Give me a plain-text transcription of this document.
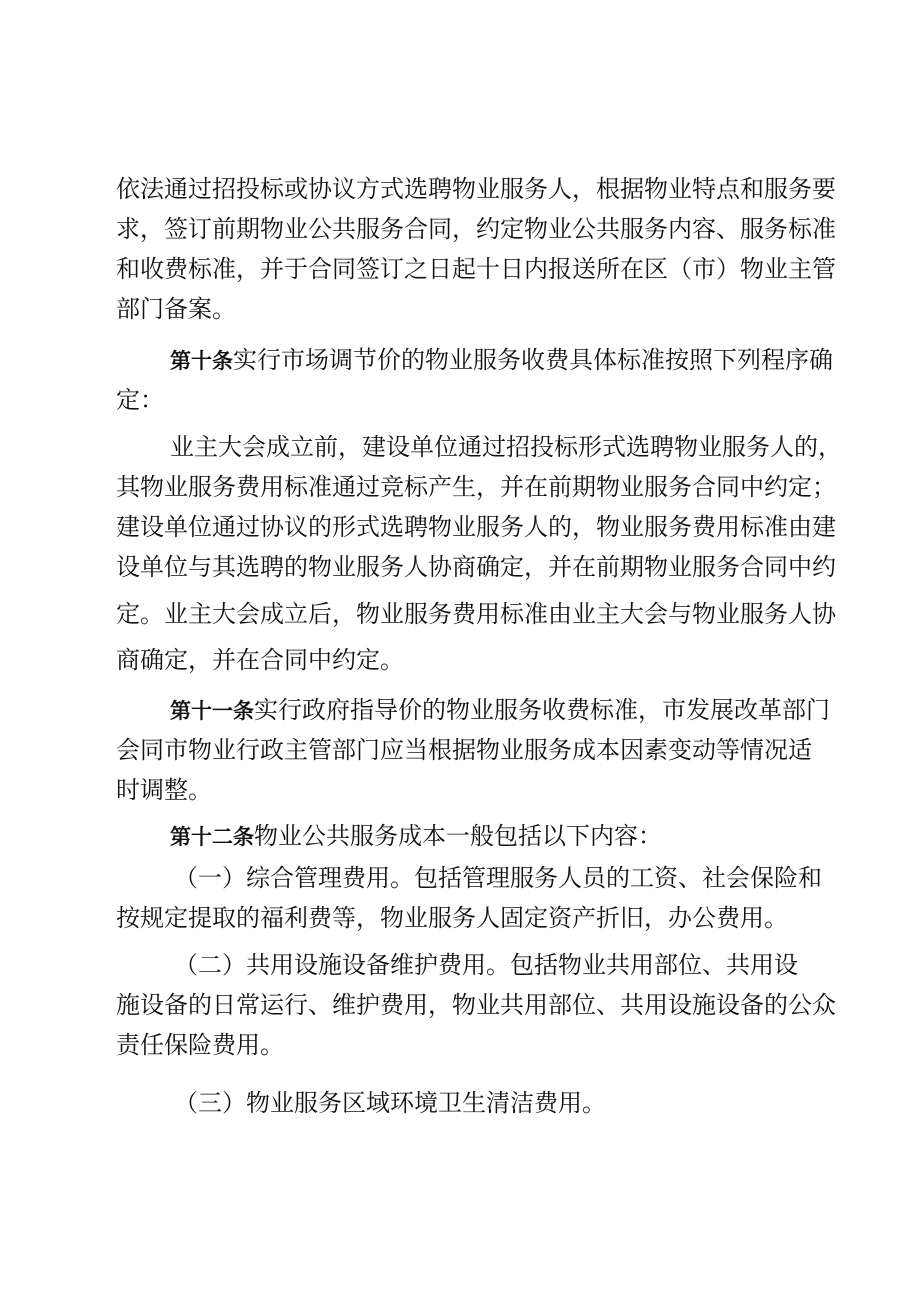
依法通过招投标或协议方式选聘物业服务人，根据物业特点和服务要
求，签订前期物业公共服务合同，约定物业公共服务内容、服务标准
和收费标准，并于合同签订之日起十日内报送所在区（市）物业主管
部门备案。
第十条实行市场调节价的物业服务收费具体标准按照下列程序确
定：
业主大会成立前，建设单位通过招投标形式选聘物业服务人的，
其物业服务费用标准通过竞标产生，并在前期物业服务合同中约定；
建设单位通过协议的形式选聘物业服务人的，物业服务费用标准由建
设单位与其选聘的物业服务人协商确定，并在前期物业服务合同中约
定。业主大会成立后，物业服务费用标准由业主大会与物业服务人协
商确定，并在合同中约定。
第十一条实行政府指导价的物业服务收费标准，市发展改革部门
会同市物业行政主管部门应当根据物业服务成本因素变动等情况适
时调整。
第十二条物业公共服务成本一般包括以下内容：
（一）综合管理费用。包括管理服务人员的工资、社会保险和
按规定提取的福利费等，物业服务人固定资产折旧，办公费用。
（二）共用设施设备维护费用。包括物业共用部位、共用设
施设备的日常运行、维护费用，物业共用部位、共用设施设备的公众
责任保险费用。
（三）物业服务区域环境卫生清洁费用。
